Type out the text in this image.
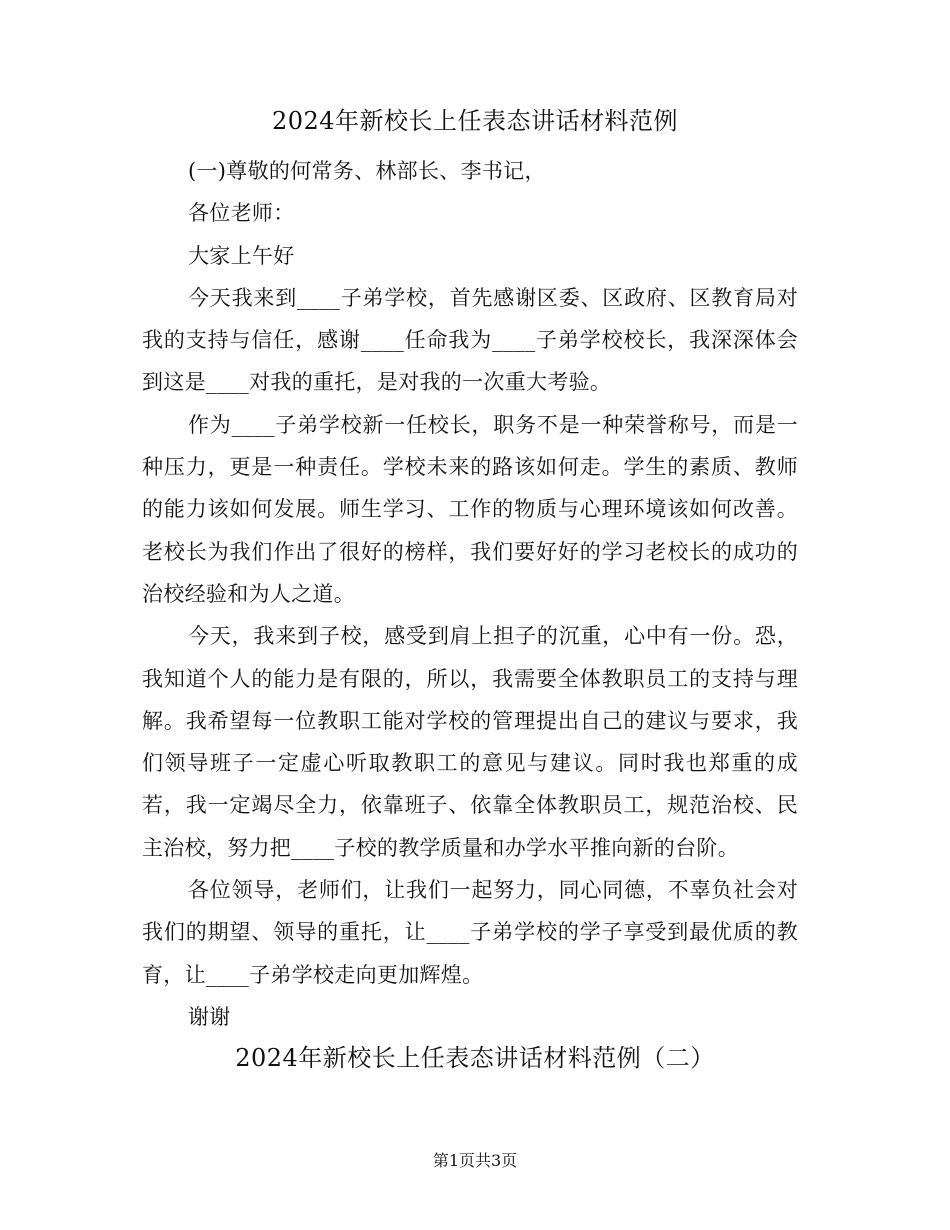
2024年新校长上任表态讲话材料范例

(一)尊敬的何常务、林部长、李书记，

各位老师：

大家上午好

今天我来到____子弟学校，首先感谢区委、区政府、区教育局对我的支持与信任，感谢____任命我为____子弟学校校长，我深深体会到这是____对我的重托，是对我的一次重大考验。

作为____子弟学校新一任校长，职务不是一种荣誉称号，而是一种压力，更是一种责任。学校未来的路该如何走。学生的素质、教师的能力该如何发展。师生学习、工作的物质与心理环境该如何改善。老校长为我们作出了很好的榜样，我们要好好的学习老校长的成功的治校经验和为人之道。

今天，我来到子校，感受到肩上担子的沉重，心中有一份。恐，我知道个人的能力是有限的，所以，我需要全体教职员工的支持与理解。我希望每一位教职工能对学校的管理提出自己的建议与要求，我们领导班子一定虚心听取教职工的意见与建议。同时我也郑重的成若，我一定竭尽全力，依靠班子、依靠全体教职员工，规范治校、民主治校，努力把____子校的教学质量和办学水平推向新的台阶。

各位领导，老师们，让我们一起努力，同心同德，不辜负社会对我们的期望、领导的重托，让____子弟学校的学子享受到最优质的教育，让____子弟学校走向更加辉煌。

谢谢

2024年新校长上任表态讲话材料范例（二）
第1页共3页
